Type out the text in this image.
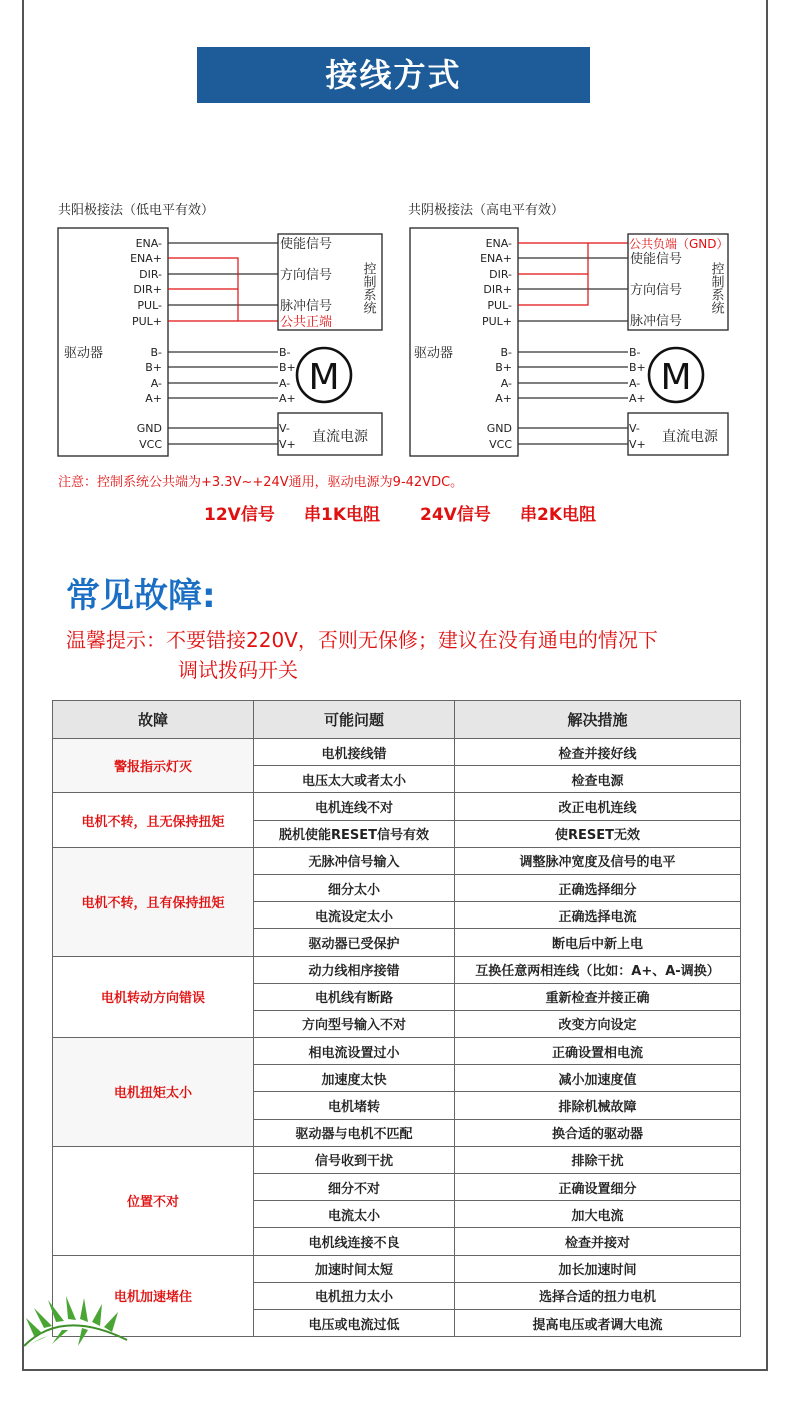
接线方式
共阳极接法（低电平有效）
驱动器
ENA-
ENA+
DIR-
DIR+
PUL-
PUL+
B-
B+
A-
A+
GND
VCC
使能信号
方向信号
脉冲信号
公共正端
控制系统
B-
B+
A-
A+
M
V-
V+ 直流电源
共阴极接法（高电平有效）
驱动器
ENA-
ENA+
DIR-
DIR+
PUL-
PUL+
B-
B+
A-
A+
GND
VCC
公共负端（GND）
使能信号
方向信号
脉冲信号
控制系统
B-
B+
A-
A+
M
V-
V+ 直流电源
注意：控制系统公共端为+3.3V~+24V通用，驱动电源为9-42VDC。
12V信号 串1K电阻 24V信号 串2K电阻
常见故障:
温馨提示：不要错接220V，否则无保修；建议在没有通电的情况下
调试拨码开关
故障	可能问题	解决措施
警报指示灯灭	电机接线错	检查并接好线
	电压太大或者太小	检查电源
电机不转，且无保持扭矩	电机连线不对	改正电机连线
	脱机使能RESET信号有效	使RESET无效
电机不转，且有保持扭矩	无脉冲信号输入	调整脉冲宽度及信号的电平
	细分太小	正确选择细分
	电流设定太小	正确选择电流
	驱动器已受保护	断电后中新上电
电机转动方向错误	动力线相序接错	互换任意两相连线（比如：A+、A-调换）
	电机线有断路	重新检查并接正确
	方向型号输入不对	改变方向设定
电机扭矩太小	相电流设置过小	正确设置相电流
	加速度太快	减小加速度值
	电机堵转	排除机械故障
	驱动器与电机不匹配	换合适的驱动器
位置不对	信号收到干扰	排除干扰
	细分不对	正确设置细分
	电流太小	加大电流
	电机线连接不良	检查并接对
电机加速堵住	加速时间太短	加长加速时间
	电机扭力太小	选择合适的扭力电机
	电压或电流过低	提高电压或者调大电流
